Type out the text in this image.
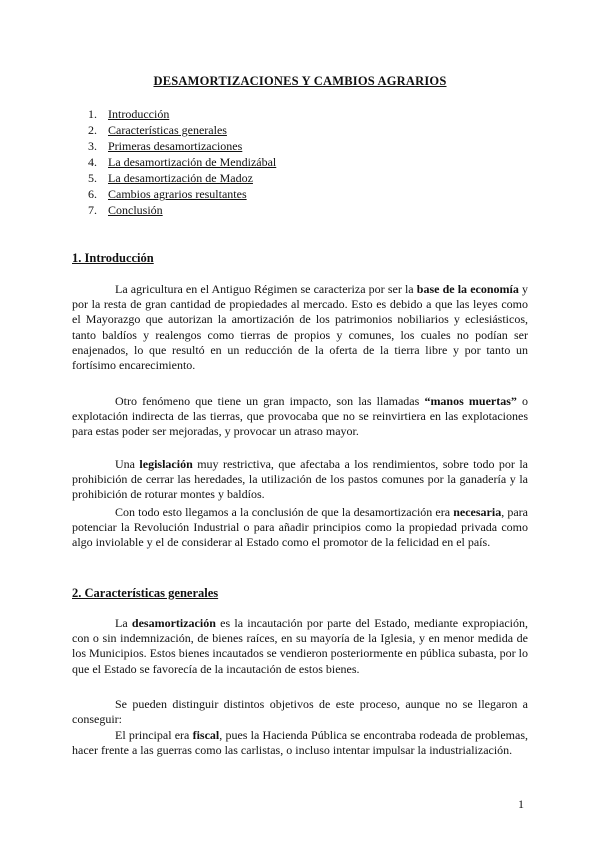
DESAMORTIZACIONES Y CAMBIOS AGRARIOS
1. Introducción
2. Características generales
3. Primeras desamortizaciones
4. La desamortización de Mendizábal
5. La desamortización de Madoz
6. Cambios agrarios resultantes
7. Conclusión
1. Introducción

La agricultura en el Antiguo Régimen se caracteriza por ser la base de la economía y por la resta de gran cantidad de propiedades al mercado. Esto es debido a que las leyes como el Mayorazgo que autorizan la amortización de los patrimonios nobiliarios y eclesiásticos, tanto baldíos y realengos como tierras de propios y comunes, los cuales no podían ser enajenados, lo que resultó en un reducción de la oferta de la tierra libre y por tanto un fortísimo encarecimiento.

Otro fenómeno que tiene un gran impacto, son las llamadas “manos muertas” o explotación indirecta de las tierras, que provocaba que no se reinvirtiera en las explotaciones para estas poder ser mejoradas, y provocar un atraso mayor.

Una legislación muy restrictiva, que afectaba a los rendimientos, sobre todo por la prohibición de cerrar las heredades, la utilización de los pastos comunes por la ganadería y la prohibición de roturar montes y baldíos.

Con todo esto llegamos a la conclusión de que la desamortización era necesaria, para potenciar la Revolución Industrial o para añadir principios como la propiedad privada como algo inviolable y el de considerar al Estado como el promotor de la felicidad en el país.

2. Características generales

La desamortización es la incautación por parte del Estado, mediante expropiación, con o sin indemnización, de bienes raíces, en su mayoría de la Iglesia, y en menor medida de los Municipios. Estos bienes incautados se vendieron posteriormente en pública subasta, por lo que el Estado se favorecía de la incautación de estos bienes.

Se pueden distinguir distintos objetivos de este proceso, aunque no se llegaron a conseguir:

El principal era fiscal, pues la Hacienda Pública se encontraba rodeada de problemas, hacer frente a las guerras como las carlistas, o incluso intentar impulsar la industrialización.

1
